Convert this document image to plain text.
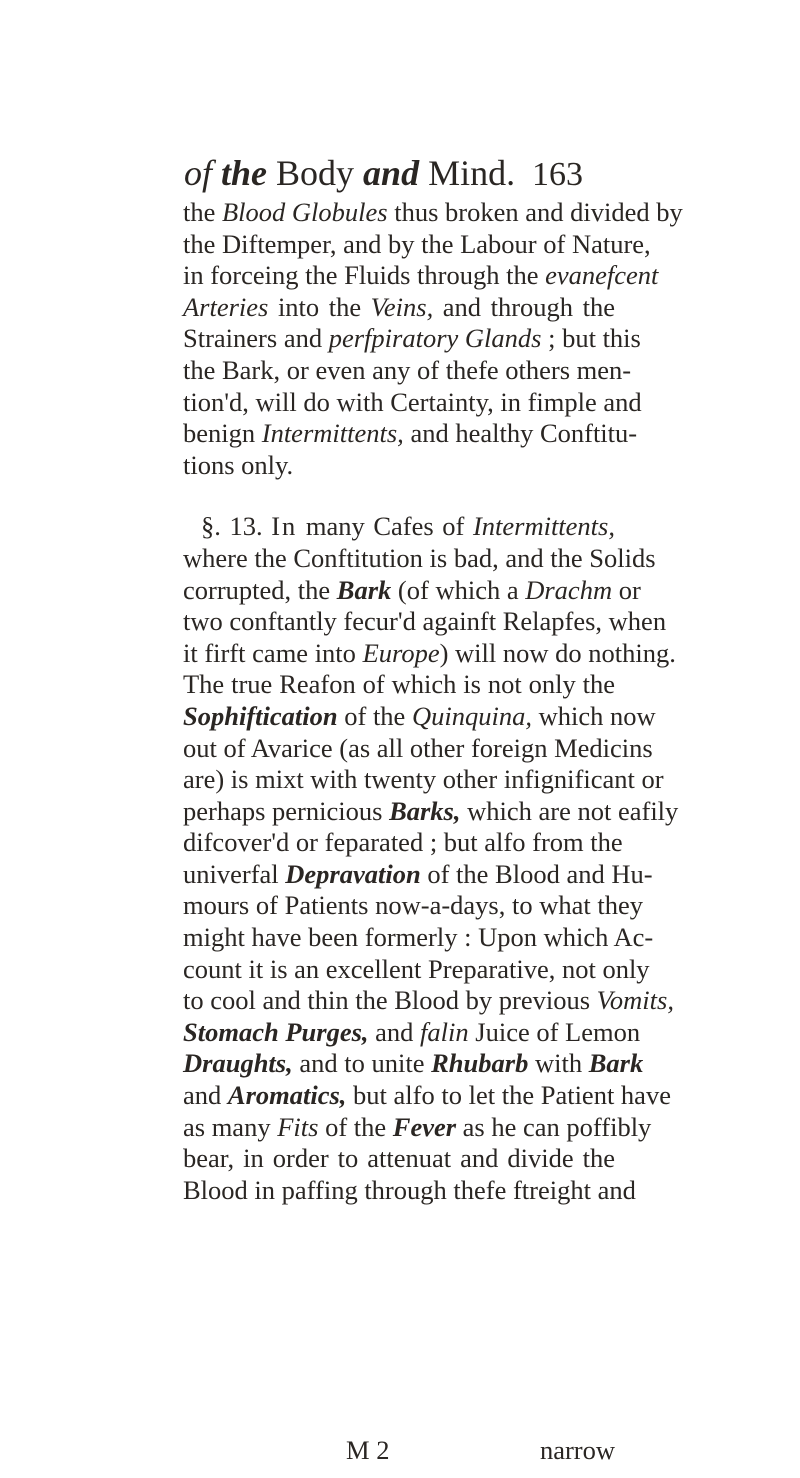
of the Body and Mind. 163
the Blood Globules thus broken and divided by
the Diftemper, and by the Labour of Nature,
in forceing the Fluids through the evanefcent
Arteries into the Veins, and through the
Strainers and perfpiratory Glands ; but this
the Bark, or even any of thefe others men-
tion'd, will do with Certainty, in fimple and
benign Intermittents, and healthy Conftitu-
tions only.
§. 13. In many Cafes of Intermittents,
where the Conftitution is bad, and the Solids
corrupted, the Bark (of which a Drachm or
two conftantly fecur'd againft Relapfes, when
it firft came into Europe) will now do nothing.
The true Reafon of which is not only the
Sophiftication of the Quinquina, which now
out of Avarice (as all other foreign Medicins
are) is mixt with twenty other infignificant or
perhaps pernicious Barks, which are not eafily
difcover'd or feparated ; but alfo from the
univerfal Depravation of the Blood and Hu-
mours of Patients now-a-days, to what they
might have been formerly : Upon which Ac-
count it is an excellent Preparative, not only
to cool and thin the Blood by previous Vomits,
Stomach Purges, and falin Juice of Lemon
Draughts, and to unite Rhubarb with Bark
and Aromatics, but alfo to let the Patient have
as many Fits of the Fever as he can poffibly
bear, in order to attenuat and divide the
Blood in paffing through thefe ftreight and
M 2	narrow
